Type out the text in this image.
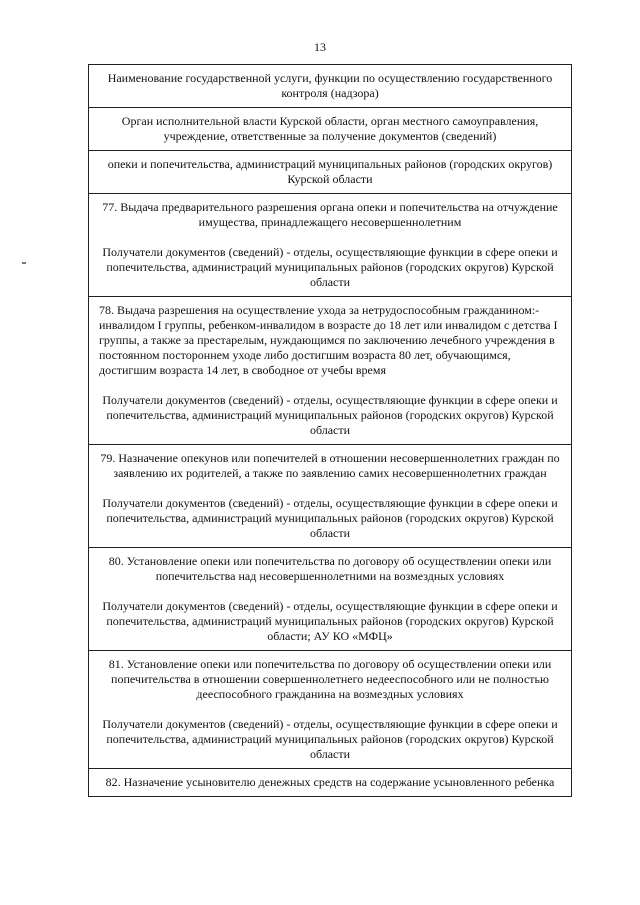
13

Наименование государственной услуги, функции по осуществлению государственного контроля (надзора)

Орган исполнительной власти Курской области, орган местного самоуправления, учреждение, ответственные за получение документов (сведений)

опеки и попечительства, администраций муниципальных районов (городских округов) Курской области

77. Выдача предварительного разрешения органа опеки и попечительства на отчуждение имущества, принадлежащего несовершеннолетним

Получатели документов (сведений) - отделы, осуществляющие функции в сфере опеки и попечительства, администраций муниципальных районов (городских округов) Курской области

78. Выдача разрешения на осуществление ухода за нетрудоспособным гражданином:-инвалидом I группы, ребенком-инвалидом в возрасте до 18 лет или инвалидом с детства I группы, а также за престарелым, нуждающимся по заключению лечебного учреждения в постоянном постороннем уходе либо достигшим возраста 80 лет, обучающимся, достигшим возраста 14 лет, в свободное от учебы время

Получатели документов (сведений) - отделы, осуществляющие функции в сфере опеки и попечительства, администраций муниципальных районов (городских округов) Курской области

79. Назначение опекунов или попечителей в отношении несовершеннолетних граждан по заявлению их родителей, а также по заявлению самих несовершеннолетних граждан

Получатели документов (сведений) - отделы, осуществляющие функции в сфере опеки и попечительства, администраций муниципальных районов (городских округов) Курской области

80. Установление опеки или попечительства по договору об осуществлении опеки или попечительства над несовершеннолетними на возмездных условиях

Получатели документов (сведений) - отделы, осуществляющие функции в сфере опеки и попечительства, администраций муниципальных районов (городских округов) Курской области; АУ КО «МФЦ»

81. Установление опеки или попечительства по договору об осуществлении опеки или попечительства в отношении совершеннолетнего недееспособного или не полностью дееспособного гражданина на возмездных условиях

Получатели документов (сведений) - отделы, осуществляющие функции в сфере опеки и попечительства, администраций муниципальных районов (городских округов) Курской области

82. Назначение усыновителю денежных средств на содержание усыновленного ребенка
